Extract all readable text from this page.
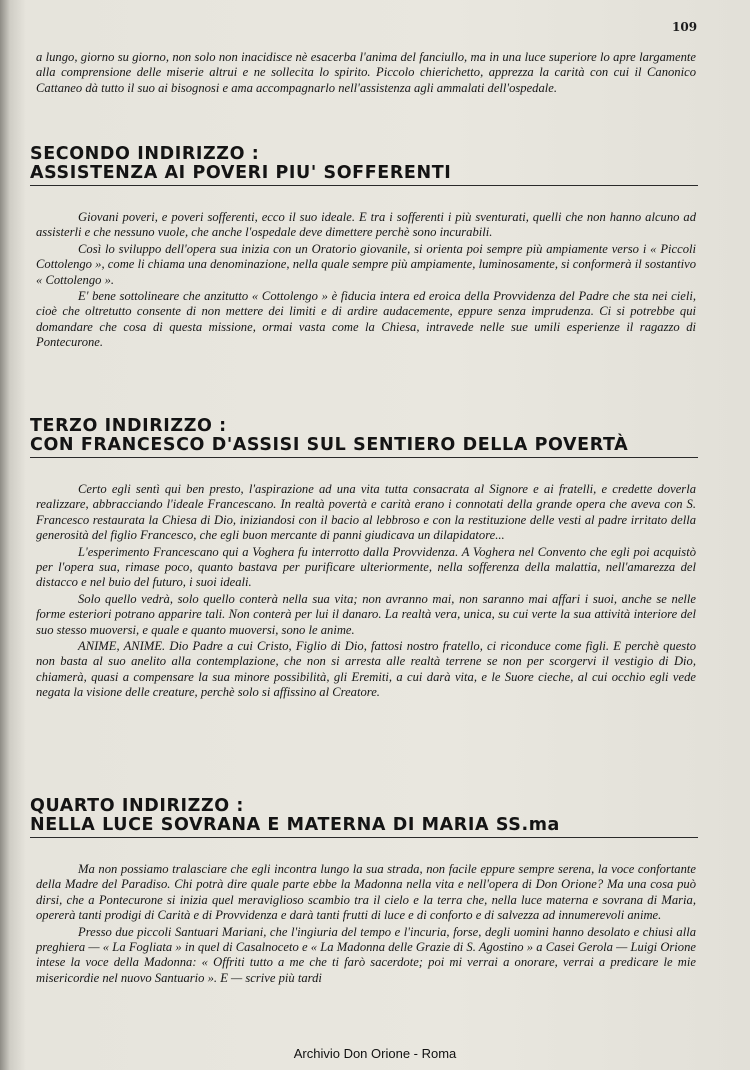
109

a lungo, giorno su giorno, non solo non inacidisce nè esacerba l'anima del fanciullo, ma in una luce superiore lo apre largamente alla comprensione delle miserie altrui e ne sollecita lo spirito. Piccolo chierichetto, apprezza la carità con cui il Canonico Cattaneo dà tutto il suo ai bisognosi e ama accompagnarlo nell'assistenza agli ammalati dell'ospedale.

SECONDO INDIRIZZO :
ASSISTENZA AI POVERI PIU' SOFFERENTI

Giovani poveri, e poveri sofferenti, ecco il suo ideale. E tra i sofferenti i più sventurati, quelli che non hanno alcuno ad assisterli e che nessuno vuole, che anche l'ospedale deve dimettere perchè sono incurabili.

Così lo sviluppo dell'opera sua inizia con un Oratorio giovanile, si orienta poi sempre più ampiamente verso i « Piccoli Cottolengo », come li chiama una denominazione, nella quale sempre più ampiamente, luminosamente, si conformerà il sostantivo « Cottolengo ».

E' bene sottolineare che anzitutto « Cottolengo » è fiducia intera ed eroica della Provvidenza del Padre che sta nei cieli, cioè che oltretutto consente di non mettere dei limiti e di ardire audacemente, eppure senza imprudenza. Ci si potrebbe qui domandare che cosa di questa missione, ormai vasta come la Chiesa, intravede nelle sue umili esperienze il ragazzo di Pontecurone.

TERZO INDIRIZZO :
CON FRANCESCO D'ASSISI SUL SENTIERO DELLA POVERTÀ

Certo egli sentì qui ben presto, l'aspirazione ad una vita tutta consacrata al Signore e ai fratelli, e credette doverla realizzare, abbracciando l'ideale Francescano. In realtà povertà e carità erano i connotati della grande opera che aveva con S. Francesco restaurata la Chiesa di Dio, iniziandosi con il bacio al lebbroso e con la restituzione delle vesti al padre irritato della generosità del figlio Francesco, che egli buon mercante di panni giudicava un dilapidatore...

L'esperimento Francescano qui a Voghera fu interrotto dalla Provvidenza. A Voghera nel Convento che egli poi acquistò per l'opera sua, rimase poco, quanto bastava per purificare ulteriormente, nella sofferenza della malattia, nell'amarezza del distacco e nel buio del futuro, i suoi ideali.

Solo quello vedrà, solo quello conterà nella sua vita; non avranno mai, non saranno mai affari i suoi, anche se nelle forme esteriori potrano apparire tali. Non conterà per lui il danaro. La realtà vera, unica, su cui verte la sua attività interiore del suo stesso muoversi, e quale e quanto muoversi, sono le anime.

ANIME, ANIME. Dio Padre a cui Cristo, Figlio di Dio, fattosi nostro fratello, ci riconduce come figli. E perchè questo non basta al suo anelito alla contemplazione, che non si arresta alle realtà terrene se non per scorgervi il vestigio di Dio, chiamerà, quasi a compensare la sua minore possibilità, gli Eremiti, a cui darà vita, e le Suore cieche, al cui occhio egli vede negata la visione delle creature, perchè solo si affissino al Creatore.

QUARTO INDIRIZZO :
NELLA LUCE SOVRANA E MATERNA DI MARIA SS.ma

Ma non possiamo tralasciare che egli incontra lungo la sua strada, non facile eppure sempre serena, la voce confortante della Madre del Paradiso. Chi potrà dire quale parte ebbe la Madonna nella vita e nell'opera di Don Orione? Ma una cosa può dirsi, che a Pontecurone si inizia quel meraviglioso scambio tra il cielo e la terra che, nella luce materna e sovrana di Maria, opererà tanti prodigi di Carità e di Provvidenza e darà tanti frutti di luce e di conforto e di salvezza ad innumerevoli anime.

Presso due piccoli Santuari Mariani, che l'ingiuria del tempo e l'incuria, forse, degli uomini hanno desolato e chiusi alla preghiera — « La Fogliata » in quel di Casalnoceto e « La Madonna delle Grazie di S. Agostino » a Casei Gerola — Luigi Orione intese la voce della Madonna: « Offriti tutto a me che ti farò sacerdote; poi mi verrai a onorare, verrai a predicare le mie misericordie nel nuovo Santuario ». E — scrive più tardi

Archivio Don Orione - Roma
